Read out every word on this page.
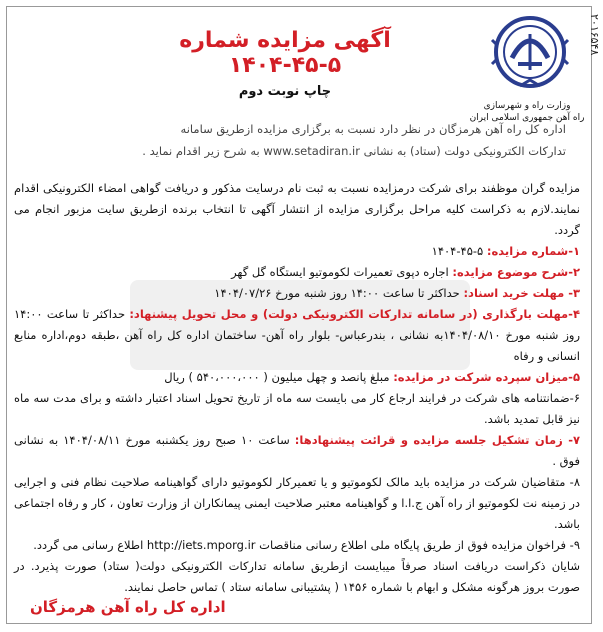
۲۰۱۶۵۴۸
وزارت راه و شهرسازی
راه آهن جمهوری اسلامی ایران
آگهی مزایده شماره ۵-۴۵-۱۴۰۴
چاپ نوبت دوم
اداره کل راه آهن هرمزگان در نظر دارد نسبت به برگزاری مزایده ازطریق سامانه
تدارکات الکترونیکی دولت (ستاد) به نشانی www.setadiran.ir به شرح زیر اقدام نماید .

مزایده گران موظفند برای شرکت درمزایده نسبت به ثبت نام درسایت مذکور و دریافت گواهی امضاء الکترونیکی اقدام نمایند.لازم به ذکراست کلیه مراحل برگزاری مزایده از انتشار آگهی تا انتخاب برنده ازطریق سایت مزبور انجام می گردد.

۱-شماره مزایده: ۵-۴۵-۱۴۰۴

۲-شرح موضوع مزایده: اجاره دپوی تعمیرات لکوموتیو ایستگاه گل گهر

۳- مهلت خرید اسناد: حداکثر تا ساعت ۱۴:۰۰ روز شنبه مورخ ۱۴۰۴/۰۷/۲۶

۴-مهلت بارگذاری (در سامانه تدارکات الکترونیکی دولت) و محل تحویل پیشنهاد: حداکثر تا ساعت ۱۴:۰۰ روز شنبه مورخ ۱۴۰۴/۰۸/۱۰به نشانی ، بندرعباس- بلوار راه آهن- ساختمان اداره کل راه آهن ،طبقه دوم،اداره منابع انسانی و رفاه

۵-میزان سپرده شرکت در مزایده: مبلغ پانصد و چهل میلیون ( ۵۴۰،۰۰۰،۰۰۰ ) ریال

۶-ضمانتنامه های شرکت در فرایند ارجاع کار می بایست سه ماه از تاریخ تحویل اسناد اعتبار داشته و برای مدت سه ماه نیز قابل تمدید باشد.

۷- زمان تشکیل جلسه مزایده و قرائت پیشنهادها: ساعت ۱۰ صبح روز یکشنبه مورخ ۱۴۰۴/۰۸/۱۱ به نشانی فوق .

۸- متقاضیان شرکت در مزایده باید مالک لکوموتیو و یا تعمیرکار لکوموتیو دارای گواهینامه صلاحیت نظام فنی و اجرایی در زمینه نت لکوموتیو از راه آهن ج.ا.ا و گواهینامه معتبر صلاحیت ایمنی پیمانکاران از وزارت تعاون ، کار و رفاه اجتماعی باشد.

۹- فراخوان مزایده فوق از طریق پایگاه ملی اطلاع رسانی مناقصات http://iets.mporg.ir اطلاع رسانی می گردد.

شایان ذکراست دریافت اسناد صرفاً میبایست ازطریق سامانه تدارکات الکترونیکی دولت( ستاد) صورت پذیرد. در صورت بروز هرگونه مشکل و ابهام با شماره ۱۴۵۶ ( پشتیبانی سامانه ستاد ) تماس حاصل نمایند.

اداره کل راه آهن هرمزگان
